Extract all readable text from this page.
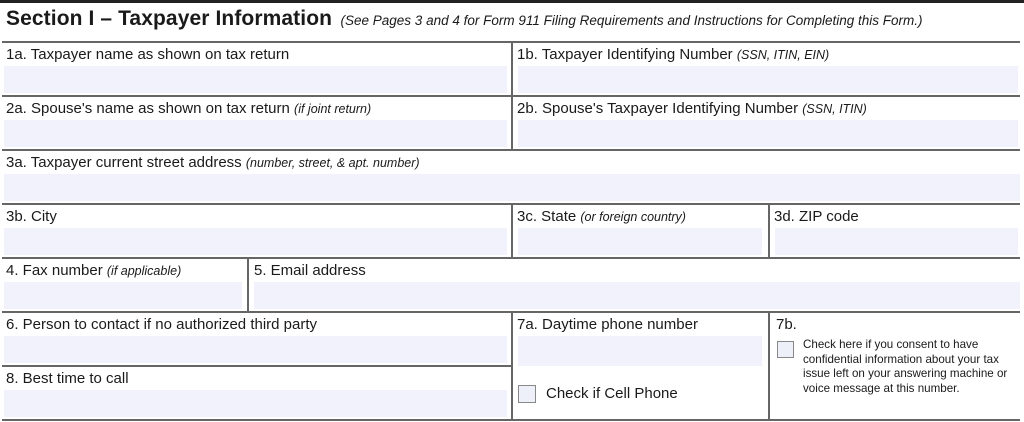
Section I – Taxpayer Information (See Pages 3 and 4 for Form 911 Filing Requirements and Instructions for Completing this Form.)
1a. Taxpayer name as shown on tax return	1b. Taxpayer Identifying Number (SSN, ITIN, EIN)
2a. Spouse's name as shown on tax return (if joint return)	2b. Spouse's Taxpayer Identifying Number (SSN, ITIN)
3a. Taxpayer current street address (number, street, & apt. number)
3b. City	3c. State (or foreign country)	3d. ZIP code
4. Fax number (if applicable)	5. Email address
6. Person to contact if no authorized third party
8. Best time to call
7a. Daytime phone number
Check if Cell Phone
7b.
Check here if you consent to have confidential information about your tax issue left on your answering machine or voice message at this number.
